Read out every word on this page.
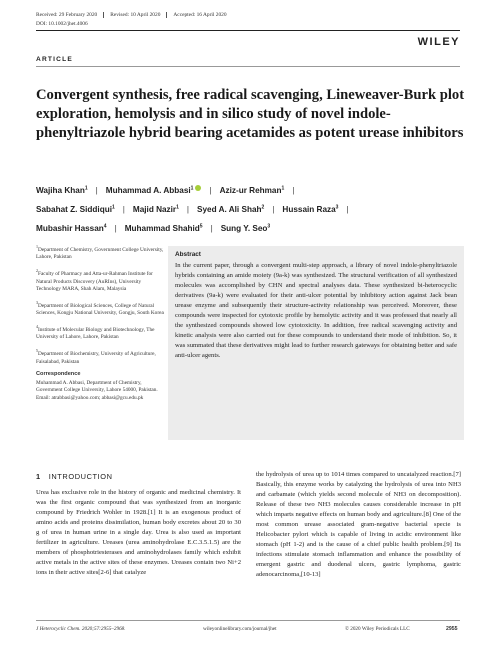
Received: 29 February 2020 Revised: 10 April 2020 Accepted: 16 April 2020
DOI: 10.1002/jhet.4006
WILEY
ARTICLE
Convergent synthesis, free radical scavenging, Lineweaver-Burk plot exploration, hemolysis and in silico study of novel indole-phenyltriazole hybrid bearing acetamides as potent urease inhibitors
Wajiha Khan$^1$ | Muhammad A. Abbasi$^1$ | Aziz-ur Rehman$^1$ |
Sabahat Z. Siddiqui$^1$ | Majid Nazir$^1$ | Syed A. Ali Shah$^2$ | Hussain Raza$^3$ |
Mubashir Hassan$^4$ | Muhammad Shahid$^5$ | Sung Y. Seo$^3$

$^1$Department of Chemistry, Government College University, Lahore, Pakistan

$^2$Faculty of Pharmacy and Atta-ur-Rahman Institute for Natural Products Discovery (AuRIns), University Technology MARA, Shah Alam, Malaysia

$^3$Department of Biological Sciences, College of Natural Sciences, Kongju National University, Gongju, South Korea

$^4$Institute of Molecular Biology and Biotechnology, The University of Lahore, Lahore, Pakistan

$^5$Department of Biochemistry, University of Agriculture, Faisalabad, Pakistan

Correspondence
Muhammad A. Abbasi, Department of Chemistry, Government College University, Lahore 54000, Pakistan.
Email: atrabbasi@yahoo.com; abbasi@gcu.edu.pk
Abstract
In the current paper, through a convergent multi-step approach, a library of novel indole-phenyltriazole hybrids containing an amide moiety (9a-k) was synthesized. The structural verification of all synthesized molecules was accomplished by CHN and spectral analyses data. These synthesized bi-heterocyclic derivatives (9a-k) were evaluated for their anti-ulcer potential by inhibitory action against Jack bean urease enzyme and subsequently their structure-activity relationship was perceived. Moreover, these compounds were inspected for cytotoxic profile by hemolytic activity and it was professed that nearly all the synthesized compounds showed low cytotoxicity. In addition, free radical scavenging activity and kinetic analysis were also carried out for these compounds to understand their mode of inhibition. So, it was summated that these derivatives might lead to further research gateways for obtaining better and safe anti-ulcer agents.
1 INTRODUCTION
Urea has exclusive role in the history of organic and medicinal chemistry. It was the first organic compound that was synthesized from an inorganic compound by Friedrich Wohler in 1928.[1] It is an exogenous product of amino acids and proteins dissimilation, human body excretes about 20 to 30 g of urea in human urine in a single day. Urea is also used as important fertilizer in agriculture. Ureases (urea aminohydrolase E.C.3.5.1.5) are the members of phosphotriesterases and aminohydrolases family which exhibit active metals in the active sites of these enzymes. Ureases contain two Ni+2 ions in their active sites[2-6] that catalyze
the hydrolysis of urea up to 1014 times compared to uncatalyzed reaction.[7] Basically, this enzyme works by catalyzing the hydrolysis of urea into NH3 and carbamate (which yields second molecule of NH3 on decomposition). Release of these two NH3 molecules causes considerable increase in pH which imparts negative effects on human body and agriculture.[8] One of the most common urease associated gram-negative bacterial specie is Helicobacter pylori which is capable of living in acidic environment like stomach (pH 1-2) and is the cause of a chief public health problem.[9] Its infections stimulate stomach inflammation and enhance the possibility of emergent gastric and duodenal ulcers, gastric lymphoma, gastric adenocarcinoma,[10-13]
J Heterocyclic Chem. 2020;57:2955–2968.	wileyonlinelibrary.com/journal/jhet	© 2020 Wiley Periodicals LLC	2955
